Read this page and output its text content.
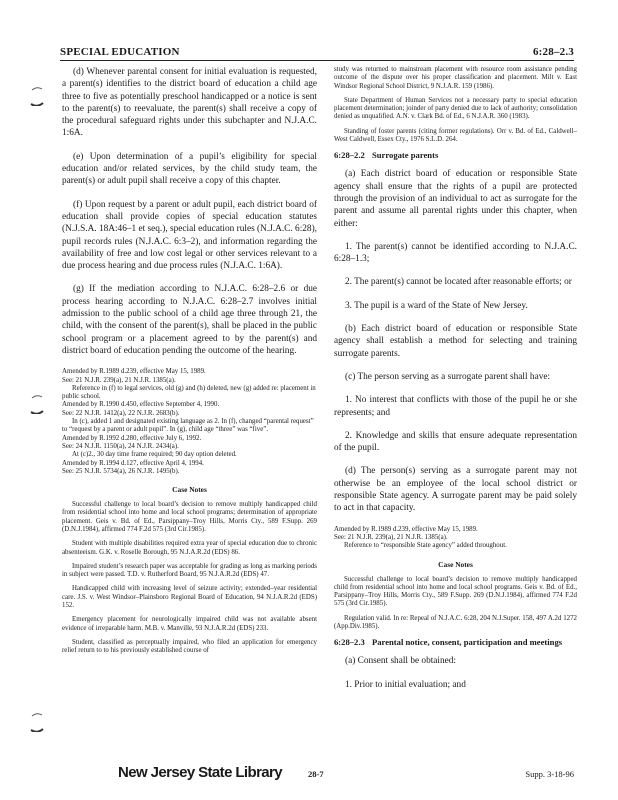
SPECIAL EDUCATION	6:28–2.3

(d) Whenever parental consent for initial evaluation is requested, a parent(s) identifies to the district board of education a child age three to five as potentially preschool handicapped or a notice is sent to the parent(s) to reevaluate, the parent(s) shall receive a copy of the procedural safeguard rights under this subchapter and N.J.A.C. 1:6A.

(e) Upon determination of a pupil’s eligibility for special education and/or related services, by the child study team, the parent(s) or adult pupil shall receive a copy of this chapter.

(f) Upon request by a parent or adult pupil, each district board of education shall provide copies of special education statutes (N.J.S.A. 18A:46–1 et seq.), special education rules (N.J.A.C. 6:28), pupil records rules (N.J.A.C. 6:3–2), and information regarding the availability of free and low cost legal or other services relevant to a due process hearing and due process rules (N.J.A.C. 1:6A).

(g) If the mediation according to N.J.A.C. 6:28–2.6 or due process hearing according to N.J.A.C. 6:28–2.7 involves initial admission to the public school of a child age three through 21, the child, with the consent of the parent(s), shall be placed in the public school program or a placement agreed to by the parent(s) and district board of education pending the outcome of the hearing.

Amended by R.1989 d.239, effective May 15, 1989.

See: 21 N.J.R. 239(a), 21 N.J.R. 1385(a).

Reference in (f) to legal services, old (g) and (h) deleted, new (g) added re: placement in public school.

Amended by R.1990 d.450, effective September 4, 1990.

See: 22 N.J.R. 1412(a), 22 N.J.R. 2683(b).

In (c), added 1 and designated existing language as 2. In (f), changed “parental request” to “request by a parent or adult pupil”. In (g), child age “three” was “five”.

Amended by R.1992 d.280, effective July 6, 1992.

See: 24 N.J.R. 1150(a), 24 N.J.R. 2434(a).

At (c)2., 30 day time frame required; 90 day option deleted.

Amended by R.1994 d.127, effective April 4, 1994.

See: 25 N.J.R. 5734(a), 26 N.J.R. 1495(b).

Case Notes

Successful challenge to local board’s decision to remove multiply handicapped child from residential school into home and local school programs; determination of appropriate placement. Geis v. Bd. of Ed., Parsippany–Troy Hills, Morris Cty., 589 F.Supp. 269 (D.N.J.1984), affirmed 774 F.2d 575 (3rd Cir.1985).

Student with multiple disabilities required extra year of special education due to chronic absenteeism. G.K. v. Roselle Borough, 95 N.J.A.R.2d (EDS) 86.

Impaired student’s research paper was acceptable for grading as long as marking periods in subject were passed. T.D. v. Rutherford Board, 95 N.J.A.R.2d (EDS) 47.

Handicapped child with increasing level of seizure activity; extended–year residential care. J.S. v. West Windsor–Plainsboro Regional Board of Education, 94 N.J.A.R.2d (EDS) 152.

Emergency placement for neurologically impaired child was not available absent evidence of irreparable harm. M.B. v. Manville, 93 N.J.A.R.2d (EDS) 233.

Student, classified as perceptually impaired, who filed an application for emergency relief return to to his previously established course of

study was returned to mainstream placement with resource room assistance pending outcome of the dispute over his proper classification and placement. Milt v. East Windsor Regional School District, 9 N.J.A.R. 159 (1986).

State Department of Human Services not a necessary party to special education placement determination; joinder of party denied due to lack of authority; consolidation denied as unqualified. A.N. v. Clark Bd. of Ed., 6 N.J.A.R. 360 (1983).

Standing of foster parents (citing former regulations). Orr v. Bd. of Ed., Caldwell–West Caldwell, Essex Cty., 1976 S.L.D. 264.

6:28–2.2 Surrogate parents

(a) Each district board of education or responsible State agency shall ensure that the rights of a pupil are protected through the provision of an individual to act as surrogate for the parent and assume all parental rights under this chapter, when either:

1. The parent(s) cannot be identified according to N.J.A.C. 6:28–1.3;

2. The parent(s) cannot be located after reasonable efforts; or

3. The pupil is a ward of the State of New Jersey.

(b) Each district board of education or responsible State agency shall establish a method for selecting and training surrogate parents.

(c) The person serving as a surrogate parent shall have:

1. No interest that conflicts with those of the pupil he or she represents; and

2. Knowledge and skills that ensure adequate representation of the pupil.

(d) The person(s) serving as a surrogate parent may not otherwise be an employee of the local school district or responsible State agency. A surrogate parent may be paid solely to act in that capacity.

Amended by R.1989 d.239, effective May 15, 1989.

See: 21 N.J.R. 239(a), 21 N.J.R. 1385(a).

Reference to “responsible State agency” added throughout.

Case Notes

Successful challenge to local board’s decision to remove multiply handicapped child from residential school into home and local school programs. Geis v. Bd. of Ed., Parsippany–Troy Hills, Morris Cty., 589 F.Supp. 269 (D.N.J.1984), affirmed 774 F.2d 575 (3rd Cir.1985).

Regulation valid. In re: Repeal of N.J.A.C. 6:28, 204 N.J.Super. 158, 497 A.2d 1272 (App.Div.1985).

6:28–2.3 Parental notice, consent, participation and meetings

(a) Consent shall be obtained:

1. Prior to initial evaluation; and

New Jersey State Library	28-7	Supp. 3-18-96
